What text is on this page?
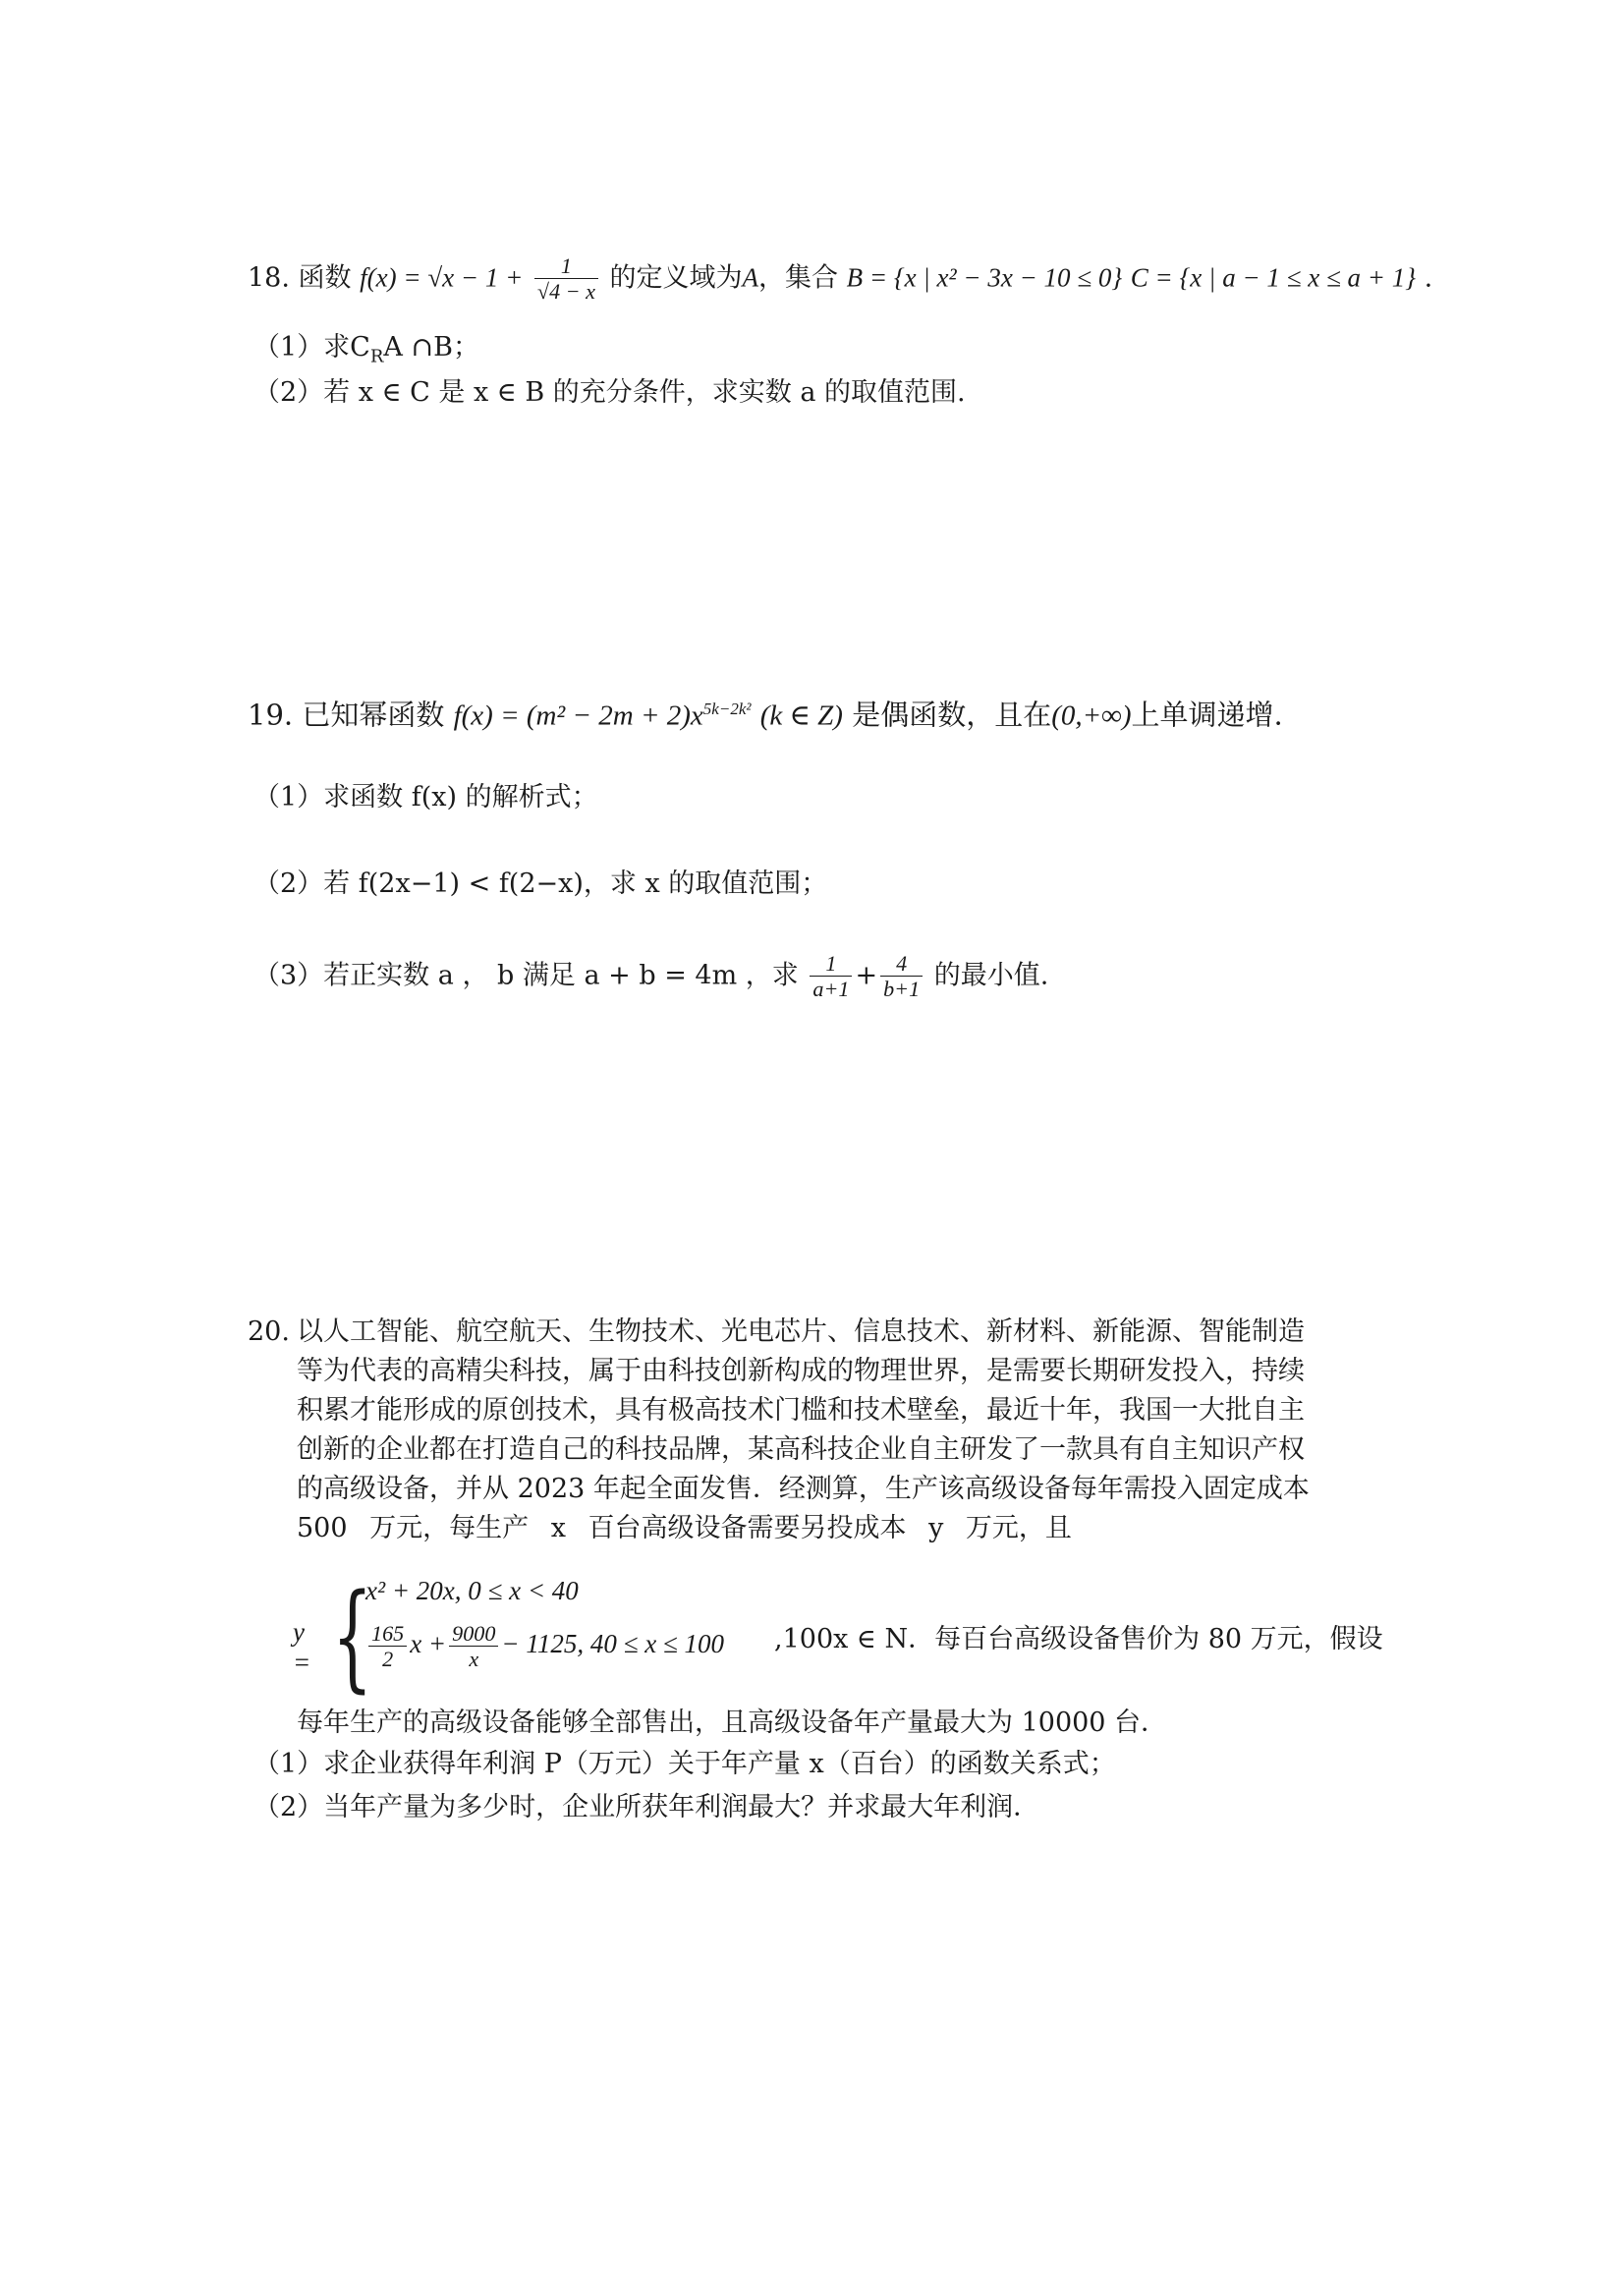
18. 函数 $f(x) = √x - 1 + \frac{1}{√4 - x}$ 的定义域为A，集合 B = {x | x² − 3x − 10 ≤ 0} C = {x | a − 1 ≤ x ≤ a + 1} .
（1）求$C_RA$ ∩B；
（2）若 x ∈ C 是 x ∈ B 的充分条件，求实数 a 的取值范围.
19. 已知幂函数 $f(x) = (m^2 - 2m + 2)x^{5k-2k^2}$ (k ∈ Z) 是偶函数，且在(0,+∞)上单调递增.
（1）求函数 f(x) 的解析式；
（2）若 f(2x−1) < f(2−x)，求 x 的取值范围；
（3）若正实数 a ， b 满足 a + b = 4m ，求 $\frac{1}{a+1} + \frac{4}{b+1}$ 的最小值.
20. 以人工智能、航空航天、生物技术、光电芯片、信息技术、新材料、新能源、智能制造
等为代表的高精尖科技，属于由科技创新构成的物理世界，是需要长期研发投入，持续
积累才能形成的原创技术，具有极高技术门槛和技术壁垒，最近十年，我国一大批自主
创新的企业都在打造自己的科技品牌，某高科技企业自主研发了一款具有自主知识产权
的高级设备，并从 2023 年起全面发售．经测算，生产该高级设备每年需投入固定成本
500 万元，每生产 x 百台高级设备需要另投成本 y 万元，且
y = {
x² + 20x, 0 ≤ x < 40
$\frac{165}{2}$ $x + \frac{9000}{x} - 1125$, 40 ≤ x ≤ 100 ,100x ∈ N．每百台高级设备售价为 80 万元，假设
每年生产的高级设备能够全部售出，且高级设备年产量最大为 10000 台．
（1）求企业获得年利润 P（万元）关于年产量 x（百台）的函数关系式；
（2）当年产量为多少时，企业所获年利润最大？并求最大年利润．
